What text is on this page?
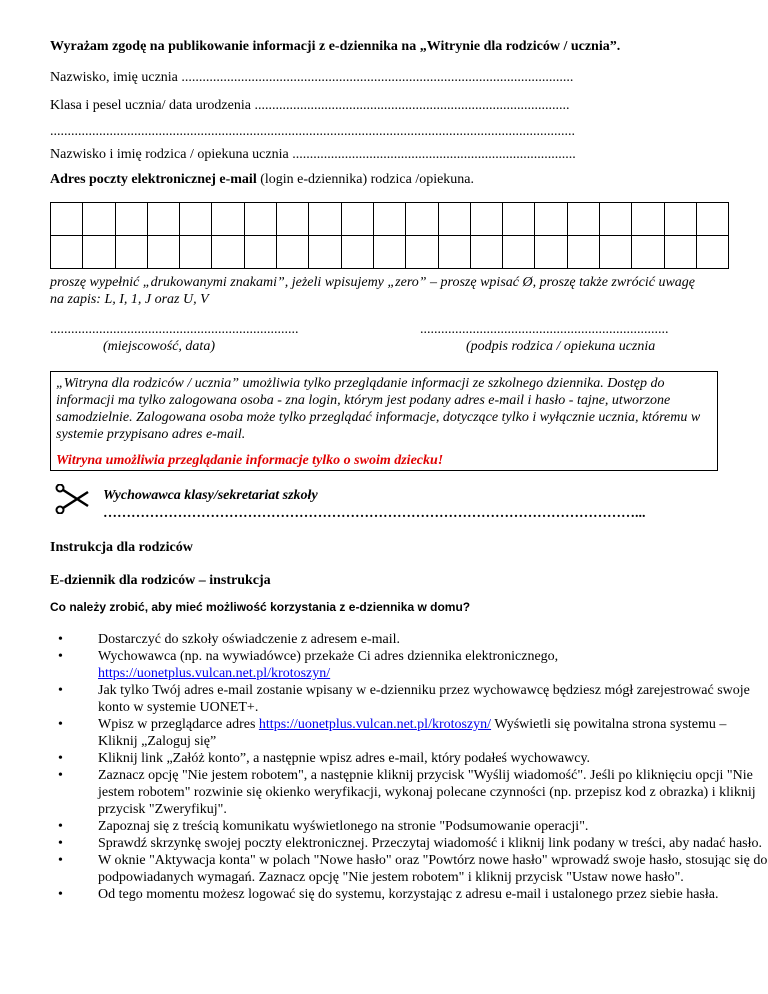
Wyrażam zgodę na publikowanie informacji z e-dziennika na „Witrynie dla rodziców / ucznia”.
Nazwisko, imię ucznia ................................................................................................................
Klasa i pesel ucznia/ data urodzenia ..........................................................................................
......................................................................................................................................................
Nazwisko i imię rodzica / opiekuna ucznia .................................................................................
Adres poczty elektronicznej e-mail (login e-dziennika) rodzica /opiekuna.

proszę wypełnić „drukowanymi znakami”, jeżeli wpisujemy „zero” – proszę wpisać Ø, proszę także zwrócić uwagę na zapis: L, I, 1, J oraz U, V
.......................................................................
(miejscowość, data)
.......................................................................
(podpis rodzica / opiekuna ucznia

„Witryna dla rodziców / ucznia” umożliwia tylko przeglądanie informacji ze szkolnego dziennika. Dostęp do informacji ma tylko zalogowana osoba - zna login, którym jest podany adres e-mail i hasło - tajne, utworzone samodzielnie. Zalogowana osoba może tylko przeglądać informacje, dotyczące tylko i wyłącznie ucznia, któremu w systemie przypisano adres e-mail.

Witryna umożliwia przeglądanie informacje tylko o swoim dziecku!

Wychowawca klasy/sekretariat szkoły
……………………………………………………………………………………………………...
Instrukcja dla rodziców
E-dziennik dla rodziców – instrukcja
Co należy zrobić, aby mieć możliwość korzystania z e-dziennika w domu?
•	Dostarczyć do szkoły oświadczenie z adresem e-mail.
•	Wychowawca (np. na wywiadówce) przekaże Ci adres dziennika elektronicznego, https://uonetplus.vulcan.net.pl/krotoszyn/
•	Jak tylko Twój adres e-mail zostanie wpisany w e-dzienniku przez wychowawcę będziesz mógł zarejestrować swoje konto w systemie UONET+.
•	Wpisz w przeglądarce adres https://uonetplus.vulcan.net.pl/krotoszyn/ Wyświetli się powitalna strona systemu – Kliknij „Zaloguj się”
•	Kliknij link „Załóż konto”, a następnie wpisz adres e-mail, który podałeś wychowawcy.
•	Zaznacz opcję "Nie jestem robotem", a następnie kliknij przycisk "Wyślij wiadomość". Jeśli po kliknięciu opcji "Nie jestem robotem" rozwinie się okienko weryfikacji, wykonaj polecane czynności (np. przepisz kod z obrazka) i kliknij przycisk "Zweryfikuj".
•	Zapoznaj się z treścią komunikatu wyświetlonego na stronie "Podsumowanie operacji".
•	Sprawdź skrzynkę swojej poczty elektronicznej. Przeczytaj wiadomość i kliknij link podany w treści, aby nadać hasło.
•	W oknie "Aktywacja konta" w polach "Nowe hasło" oraz "Powtórz nowe hasło" wprowadź swoje hasło, stosując się do podpowiadanych wymagań. Zaznacz opcję "Nie jestem robotem" i kliknij przycisk "Ustaw nowe hasło".
•	Od tego momentu możesz logować się do systemu, korzystając z adresu e-mail i ustalonego przez siebie hasła.
